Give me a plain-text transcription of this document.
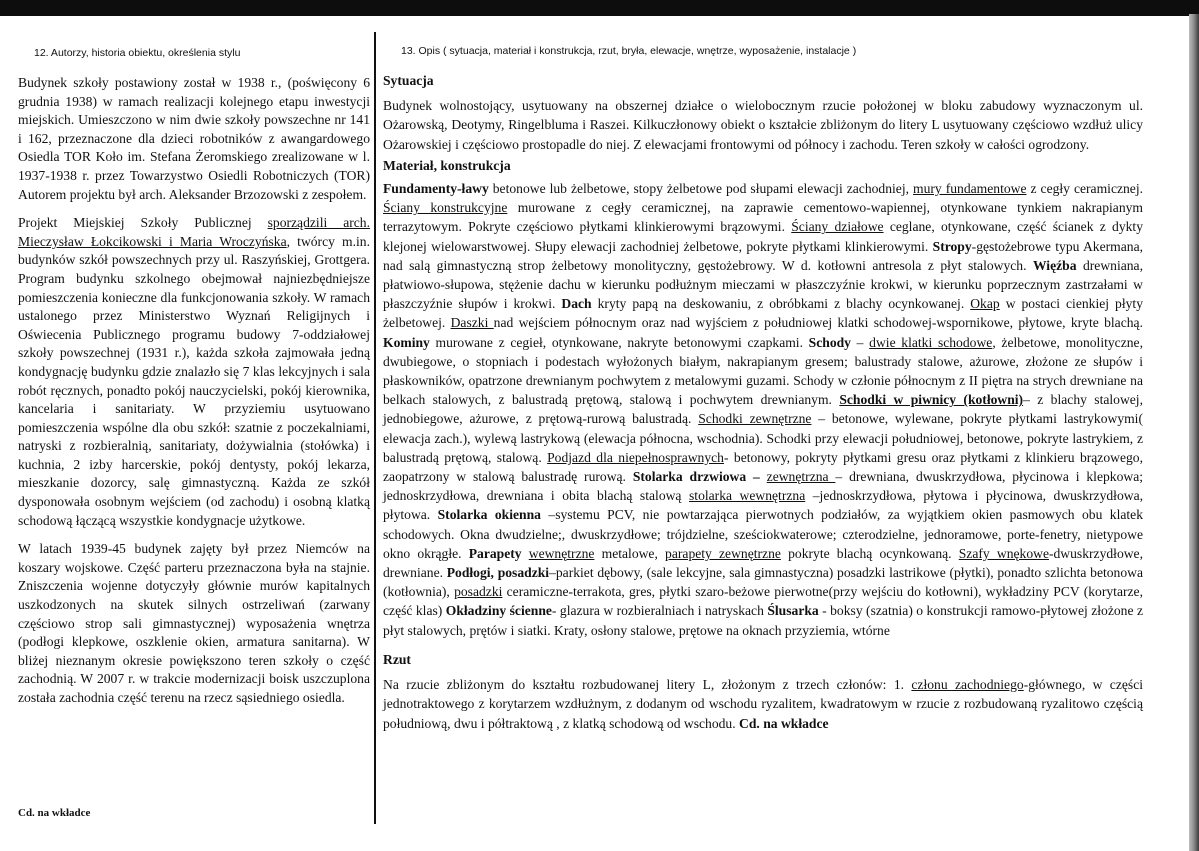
12. Autorzy, historia obiektu, określenia stylu	13. Opis ( sytuacja, materiał i konstrukcja, rzut, bryła, elewacje, wnętrze, wyposażenie, instalacje )

Budynek szkoły postawiony został w 1938 r., (poświęcony 6 grudnia 1938) w ramach realizacji kolejnego etapu inwestycji miejskich. Umieszczono w nim dwie szkoły powszechne nr 141 i 162, przeznaczone dla dzieci robotników z awangardowego Osiedla TOR Koło im. Stefana Żeromskiego zrealizowane w l. 1937-1938 r. przez Towarzystwo Osiedli Robotniczych (TOR) Autorem projektu był arch. Aleksander Brzozowski z zespołem.

Projekt Miejskiej Szkoły Publicznej sporządzili arch. Mieczysław Łokcikowski i Maria Wroczyńska, twórcy m.in. budynków szkół powszechnych przy ul. Raszyńskiej, Grottgera. Program budynku szkolnego obejmował najniezbędniejsze pomieszczenia konieczne dla funkcjonowania szkoły. W ramach ustalonego przez Ministerstwo Wyznań Religijnych i Oświecenia Publicznego programu budowy 7-oddziałowej szkoły powszechnej (1931 r.), każda szkoła zajmowała jedną kondygnację budynku gdzie znalazło się 7 klas lekcyjnych i sala robót ręcznych, ponadto pokój nauczycielski, pokój kierownika, kancelaria i sanitariaty. W przyziemiu usytuowano pomieszczenia wspólne dla obu szkół: szatnie z poczekalniami, natryski z rozbieralnią, sanitariaty, dożywialnia (stołówka) i kuchnia, 2 izby harcerskie, pokój dentysty, pokój lekarza, mieszkanie dozorcy, salę gimnastyczną. Każda ze szkół dysponowała osobnym wejściem (od zachodu) i osobną klatką schodową łączącą wszystkie kondygnacje użytkowe.

W latach 1939-45 budynek zajęty był przez Niemców na koszary wojskowe. Część parteru przeznaczona była na stajnie. Zniszczenia wojenne dotyczyły głównie murów kapitalnych uszkodzonych na skutek silnych ostrzeliwań (zarwany częściowo strop sali gimnastycznej) wyposażenia wnętrza (podłogi klepkowe, oszklenie okien, armatura sanitarna). W bliżej nieznanym okresie powiększono teren szkoły o część zachodnią. W 2007 r. w trakcie modernizacji boisk uszczuplona została zachodnia część terenu na rzecz sąsiedniego osiedla.

Cd. na wkładce
Sytuacja

Budynek wolnostojący, usytuowany na obszernej działce o wielobocznym rzucie położonej w bloku zabudowy wyznaczonym ul. Ożarowską, Deotymy, Ringelbluma i Raszei. Kilkuczłonowy obiekt o kształcie zbliżonym do litery L usytuowany częściowo wzdłuż ulicy Ożarowskiej i częściowo prostopadle do niej. Z elewacjami frontowymi od północy i zachodu. Teren szkoły w całości ogrodzony.

Materiał, konstrukcja

Fundamenty-ławy betonowe lub żelbetowe, stopy żelbetowe pod słupami elewacji zachodniej, mury fundamentowe z cegły ceramicznej. Ściany konstrukcyjne murowane z cegły ceramicznej, na zaprawie cementowo-wapiennej, otynkowane tynkiem nakrapianym terrazytowym. Pokryte częściowo płytkami klinkierowymi brązowymi. Ściany działowe ceglane, otynkowane, część ścianek z dykty klejonej wielowarstwowej. Słupy elewacji zachodniej żelbetowe, pokryte płytkami klinkierowymi. Stropy-gęstożebrowe typu Akermana, nad salą gimnastyczną strop żelbetowy monolityczny, gęstożebrowy. W d. kotłowni antresola z płyt stalowych. Więźba drewniana, płatwiowo-słupowa, stężenie dachu w kierunku podłużnym mieczami w płaszczyźnie krokwi, w kierunku poprzecznym zastrzałami w płaszczyźnie słupów i krokwi. Dach kryty papą na deskowaniu, z obróbkami z blachy ocynkowanej. Okap w postaci cienkiej płyty żelbetowej. Daszki nad wejściem północnym oraz nad wyjściem z południowej klatki schodowej-wspornikowe, płytowe, kryte blachą. Kominy murowane z cegieł, otynkowane, nakryte betonowymi czapkami. Schody – dwie klatki schodowe, żelbetowe, monolityczne, dwubiegowe, o stopniach i podestach wyłożonych białym, nakrapianym gresem; balustrady stalowe, ażurowe, złożone ze słupów i płaskowników, opatrzone drewnianym pochwytem z metalowymi guzami. Schody w członie północnym z II piętra na strych drewniane na belkach stalowych, z balustradą prętową, stalową i pochwytem drewnianym. Schodki w piwnicy (kotłowni)– z blachy stalowej, jednobiegowe, ażurowe, z prętową-rurową balustradą. Schodki zewnętrzne – betonowe, wylewane, pokryte płytkami lastrykowymi( elewacja zach.), wylewą lastrykową (elewacja północna, wschodnia). Schodki przy elewacji południowej, betonowe, pokryte lastrykiem, z balustradą prętową, stalową. Podjazd dla niepełnosprawnych- betonowy, pokryty płytkami gresu oraz płytkami z klinkieru brązowego, zaopatrzony w stalową balustradę rurową. Stolarka drzwiowa – zewnętrzna – drewniana, dwuskrzydłowa, płycinowa i klepkowa; jednoskrzydłowa, drewniana i obita blachą stalową stolarka wewnętrzna –jednoskrzydłowa, płytowa i płycinowa, dwuskrzydłowa, płytowa. Stolarka okienna –systemu PCV, nie powtarzająca pierwotnych podziałów, za wyjątkiem okien pasmowych obu klatek schodowych. Okna dwudzielne;, dwuskrzydłowe; trójdzielne, sześciokwaterowe; czterodzielne, jednoramowe, porte-fenetry, nietypowe okno okrągłe. Parapety wewnętrzne metalowe, parapety zewnętrzne pokryte blachą ocynkowaną. Szafy wnękowe-dwuskrzydłowe, drewniane. Podłogi, posadzki–parkiet dębowy, (sale lekcyjne, sala gimnastyczna) posadzki lastrikowe (płytki), ponadto szlichta betonowa (kotłownia), posadzki ceramiczne-terrakota, gres, płytki szaro-beżowe pierwotne(przy wejściu do kotłowni), wykładziny PCV (korytarze, część klas) Okładziny ścienne- glazura w rozbieralniach i natryskach Ślusarka - boksy (szatnia) o konstrukcji ramowo-płytowej złożone z płyt stalowych, prętów i siatki. Kraty, osłony stalowe, prętowe na oknach przyziemia, wtórne

Rzut

Na rzucie zbliżonym do kształtu rozbudowanej litery L, złożonym z trzech członów: 1. członu zachodniego-głównego, w części jednotraktowego z korytarzem wzdłużnym, z dodanym od wschodu ryzalitem, kwadratowym w rzucie z rozbudowaną ryzalitowo częścią południową, dwu i półtraktową , z klatką schodową od wschodu. Cd. na wkładce
